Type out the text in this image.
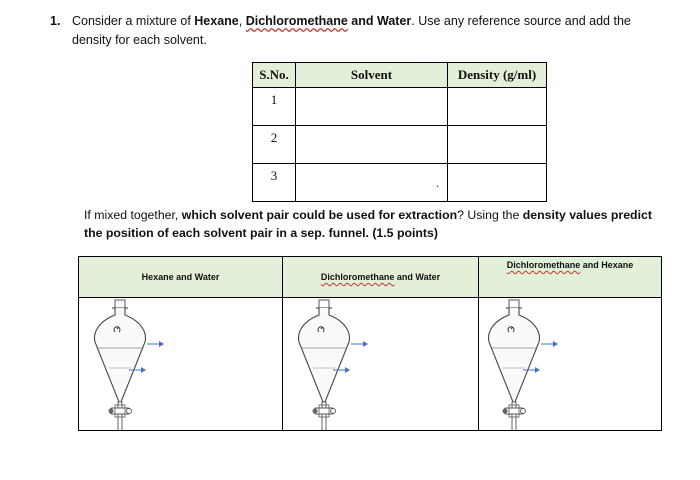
1. Consider a mixture of Hexane, Dichloromethane and Water. Use any reference source and add the density for each solvent.
S.No.	Solvent	Density (g/ml)
1		
2		
3	.	

If mixed together, which solvent pair could be used for extraction? Using the density values predict the position of each solvent pair in a sep. funnel. (1.5 points)
Hexane and Water	Dichloromethane and Water	Dichloromethane and Hexane
